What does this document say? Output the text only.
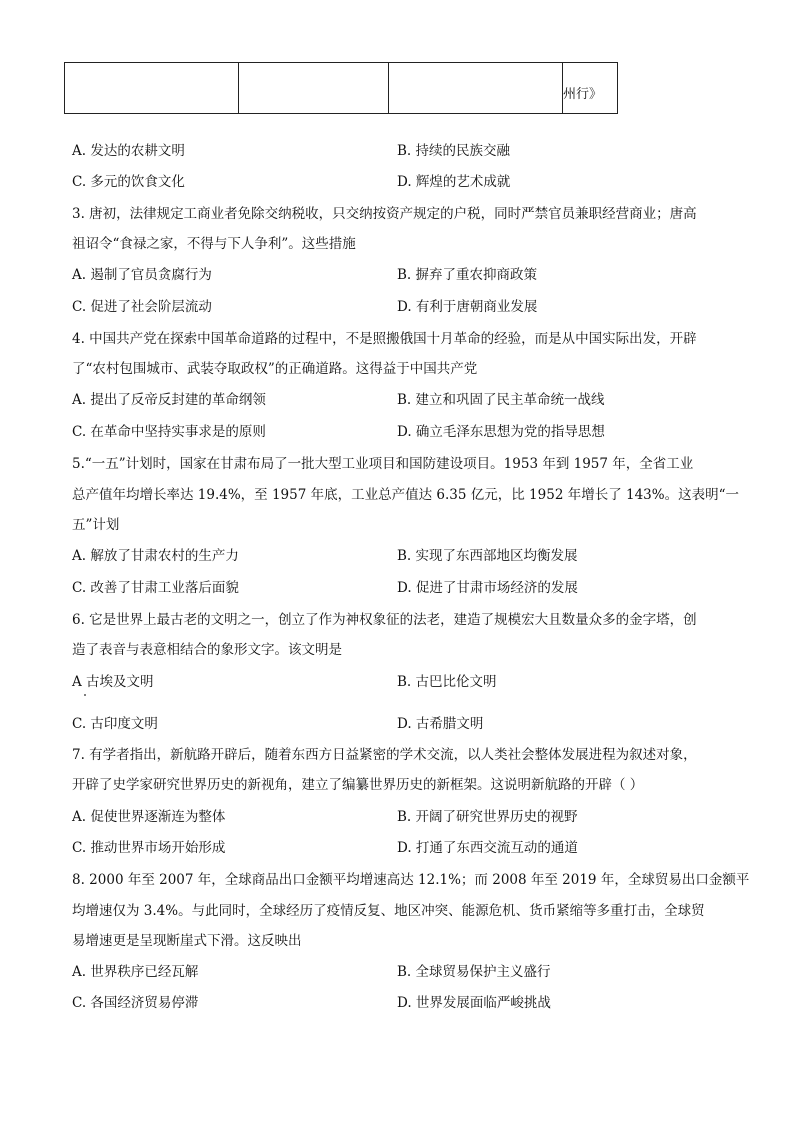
			州行》
A. 发达的农耕文明	B. 持续的民族交融
C. 多元的饮食文化	D. 辉煌的艺术成就
3. 唐初，法律规定工商业者免除交纳税收，只交纳按资产规定的户税，同时严禁官员兼职经营商业；唐高
祖诏令“食禄之家，不得与下人争利”。这些措施
A. 遏制了官员贪腐行为	B. 摒弃了重农抑商政策
C. 促进了社会阶层流动	D. 有利于唐朝商业发展
4. 中国共产党在探索中国革命道路的过程中，不是照搬俄国十月革命的经验，而是从中国实际出发，开辟
了“农村包围城市、武装夺取政权”的正确道路。这得益于中国共产党
A. 提出了反帝反封建的革命纲领	B. 建立和巩固了民主革命统一战线
C. 在革命中坚持实事求是的原则	D. 确立毛泽东思想为党的指导思想
5.“一五”计划时，国家在甘肃布局了一批大型工业项目和国防建设项目。1953 年到 1957 年，全省工业
总产值年均增长率达 19.4%，至 1957 年底，工业总产值达 6.35 亿元，比 1952 年增长了 143%。这表明“一
五”计划
A. 解放了甘肃农村的生产力	B. 实现了东西部地区均衡发展
C. 改善了甘肃工业落后面貌	D. 促进了甘肃市场经济的发展
6. 它是世界上最古老的文明之一，创立了作为神权象征的法老，建造了规模宏大且数量众多的金字塔，创
造了表音与表意相结合的象形文字。该文明是
A 古埃及文明	B. 古巴比伦文明
C. 古印度文明	D. 古希腊文明
7. 有学者指出，新航路开辟后，随着东西方日益紧密的学术交流，以人类社会整体发展进程为叙述对象，
开辟了史学家研究世界历史的新视角，建立了编纂世界历史的新框架。这说明新航路的开辟（ ）
A. 促使世界逐渐连为整体	B. 开阔了研究世界历史的视野
C. 推动世界市场开始形成	D. 打通了东西交流互动的通道
8. 2000 年至 2007 年，全球商品出口金额平均增速高达 12.1%；而 2008 年至 2019 年，全球贸易出口金额平
均增速仅为 3.4%。与此同时，全球经历了疫情反复、地区冲突、能源危机、货币紧缩等多重打击，全球贸
易增速更是呈现断崖式下滑。这反映出
A. 世界秩序已经瓦解	B. 全球贸易保护主义盛行
C. 各国经济贸易停滞	D. 世界发展面临严峻挑战
